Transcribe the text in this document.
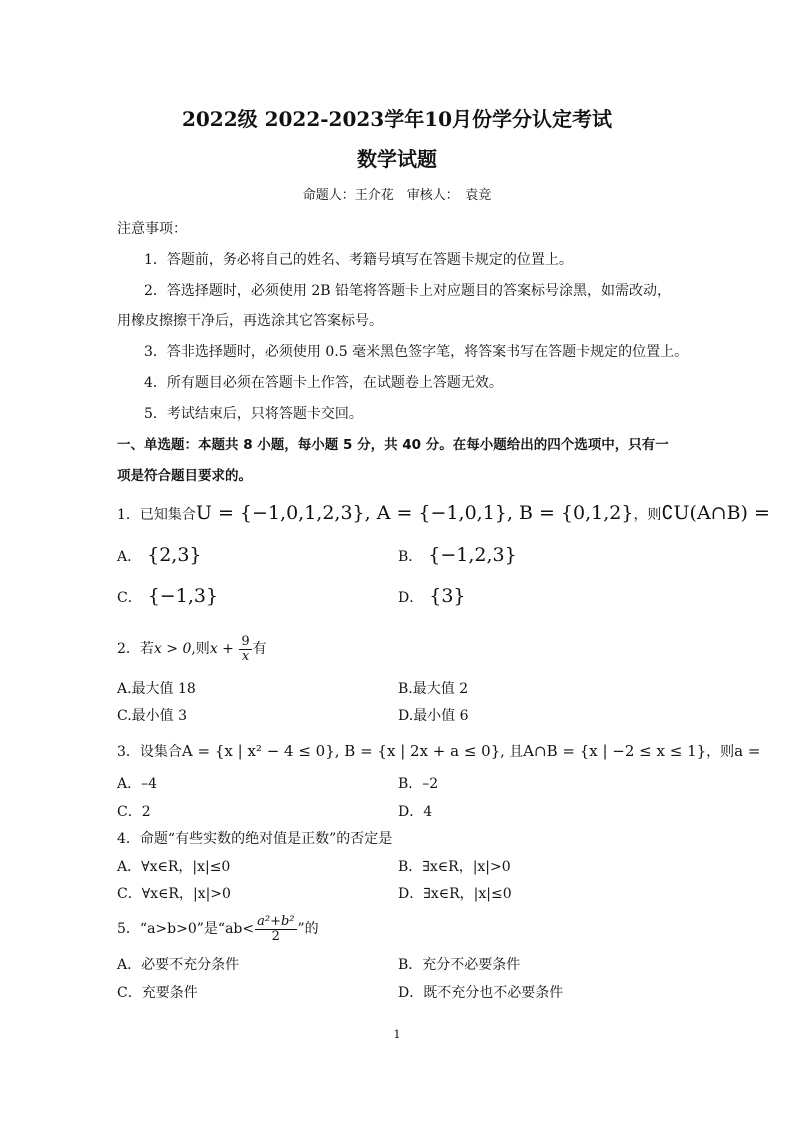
2022级 2022-2023学年10月份学分认定考试
数学试题
命题人：王介花　审核人：　袁竞
注意事项：
1．答题前，务必将自己的姓名、考籍号填写在答题卡规定的位置上。
2．答选择题时，必须使用 2B 铅笔将答题卡上对应题目的答案标号涂黑，如需改动，
用橡皮擦擦干净后，再选涂其它答案标号。
3．答非选择题时，必须使用 0.5 毫米黑色签字笔，将答案书写在答题卡规定的位置上。
4．所有题目必须在答题卡上作答，在试题卷上答题无效。
5．考试结束后，只将答题卡交回。
一、单选题：本题共 8 小题，每小题 5 分，共 40 分。在每小题给出的四个选项中，只有一
项是符合题目要求的。
1．已知集合U = {−1,0,1,2,3}, A = {−1,0,1}, B = {0,1,2}，则∁U(A∩B) =
A． {2,3}	B． {−1,2,3}
C． {−1,3}	D． {3}
2．若x > 0,则$x + \frac{9}{x}$ 有
A.最大值 18	B.最大值 2
C.最小值 3	D.最小值 6
3．设集合A = {x | x² − 4 ≤ 0}, B = {x | 2x + a ≤ 0}, 且A∩B = {x | −2 ≤ x ≤ 1}，则a =
A．–4	B．–2
C．2	D．4
4．命题“有些实数的绝对值是正数”的否定是
A．∀x∈R，|x|≤0	B．∃x∈R，|x|>0
C．∀x∈R，|x|>0	D．∃x∈R，|x|≤0
5．“a>b>0”是“$ab< \frac{\text{a²+b²}}{2}$ ”的
A．必要不充分条件	B．充分不必要条件
C．充要条件	D．既不充分也不必要条件
1
